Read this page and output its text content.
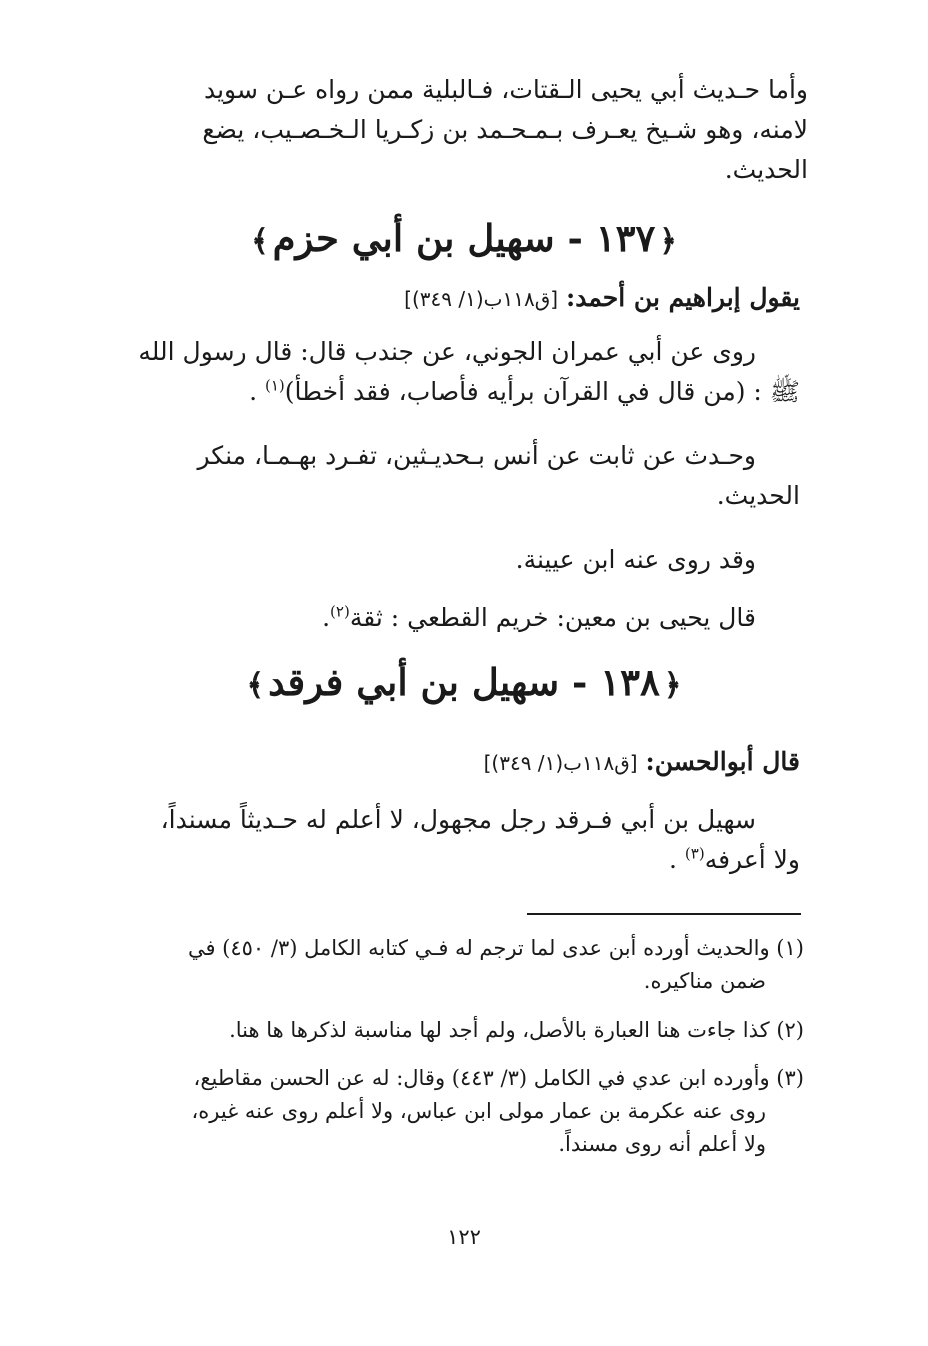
وأما حـديث أبي يحيى الـقتات، فـالبلية ممن رواه عـن سويد
لامنه، وهو شـيخ يعـرف بـمـحـمد بن زكـريا الـخـصـيب، يضع
الحديث.
﴿١٣٧ - سهيل بن أبي حزم﴾
يقول إبراهيم بن أحمد: [ق١١٨ب(١/ ٣٤٩)]
روى عن أبي عمران الجوني، عن جندب قال: قال رسول الله
ﷺ : (من قال في القرآن برأيه فأصاب، فقد أخطأ)$^{(١)}$ .
وحـدث عن ثابت عن أنس بـحديـثين، تفـرد بهـمـا، منكر
الحديث.
وقد روى عنه ابن عيينة.
قال يحيى بن معين: خريم القطعي : ثقة$^{(٢)}$.
﴿١٣٨ - سهيل بن أبي فرقد﴾
قال أبوالحسن: [ق١١٨ب(١/ ٣٤٩)]
سهيل بن أبي فـرقد رجل مجهول، لا أعلم له حـديثاً مسنداً،
ولا أعرفه$^{(٣)}$ .
(١) والحديث أورده أبن عدى لما ترجم له فـي كتابه الكامل (٣/ ٤٥٠) في
ضمن مناكيره.
(٢) كذا جاءت هنا العبارة بالأصل، ولم أجد لها مناسبة لذكرها ها هنا.
(٣) وأورده ابن عدي في الكامل (٣/ ٤٤٣) وقال: له عن الحسن مقاطيع،
روى عنه عكرمة بن عمار مولى ابن عباس، ولا أعلم روى عنه غيره،
ولا أعلم أنه روى مسنداً.
١٢٢
